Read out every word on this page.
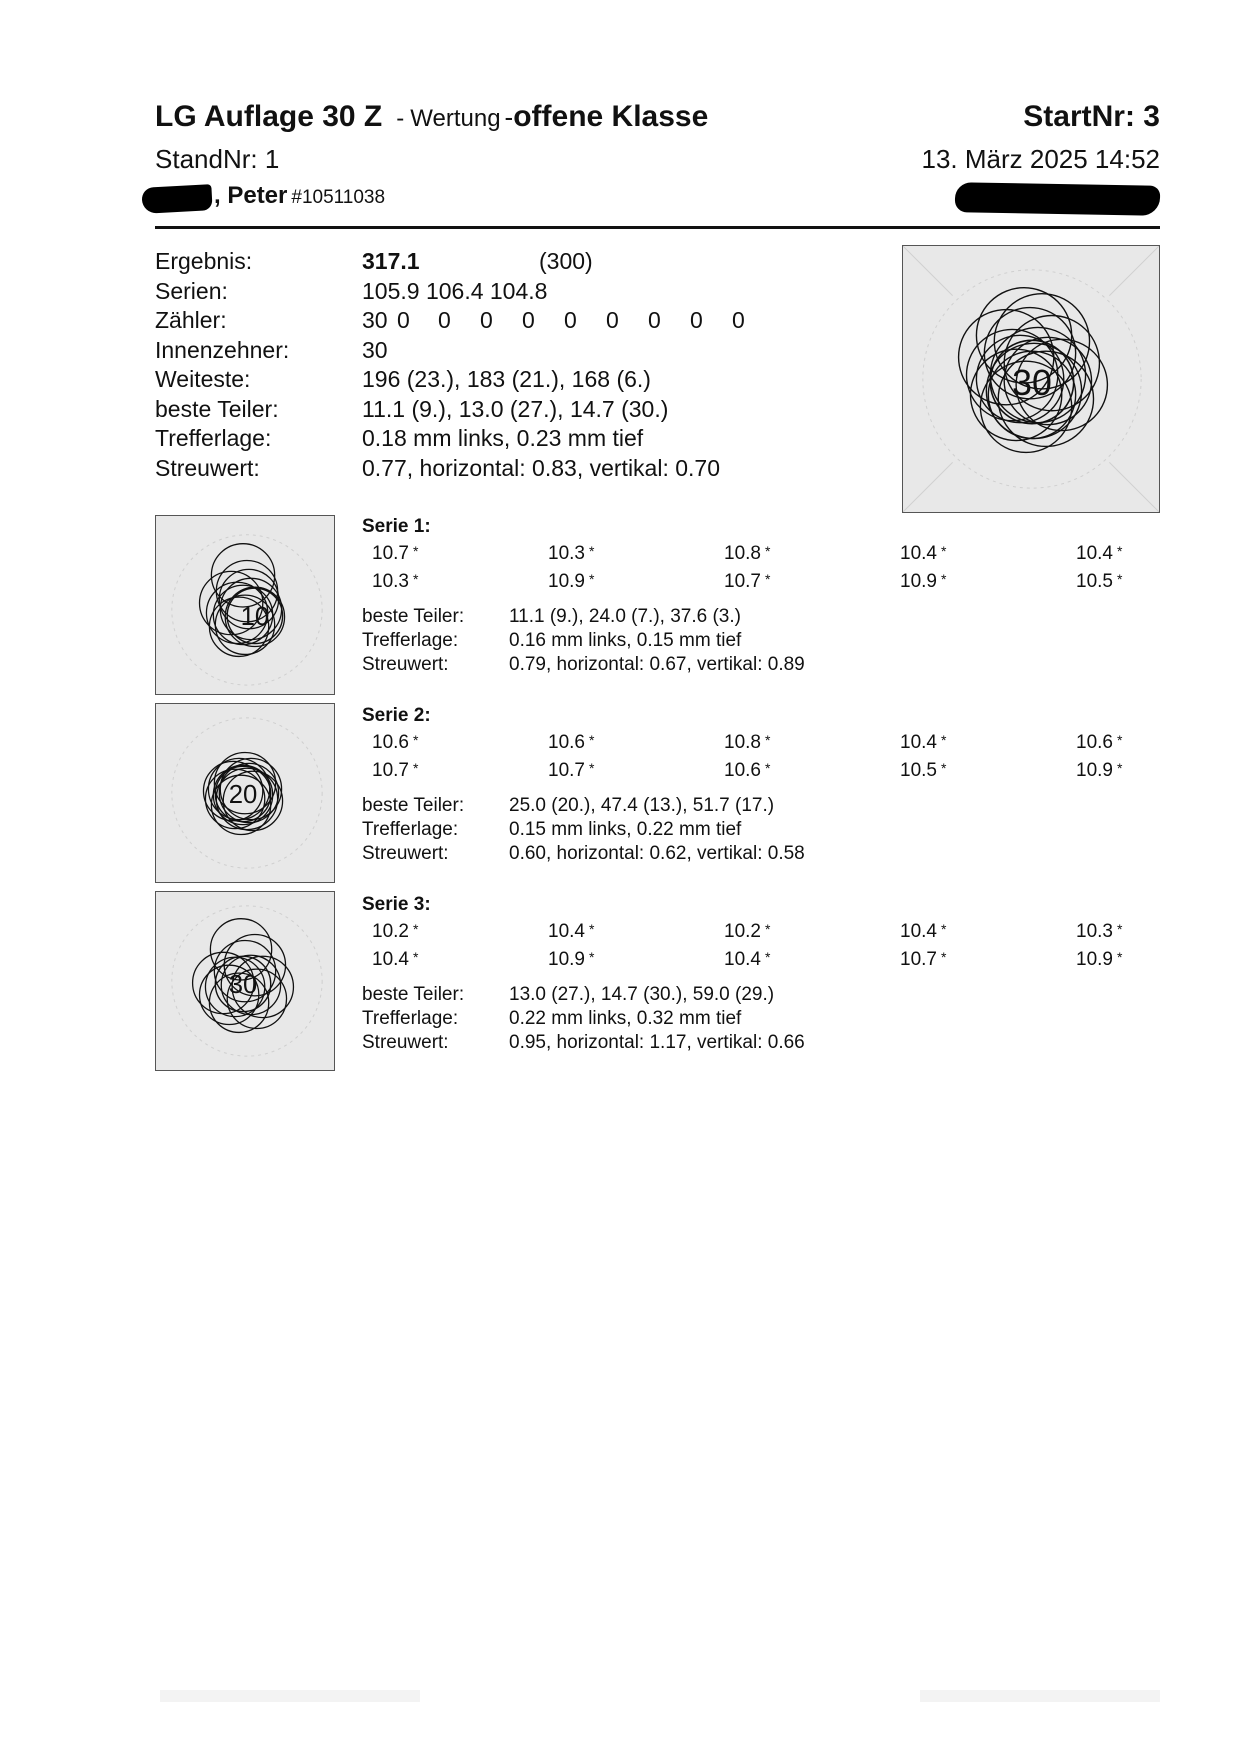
LG Auflage 30 Z - Wertung -offene Klasse	StartNr: 3
StandNr: 1	13. März 2025 14:52
, Peter #10511038
Ergebnis:	317.1	(300)
Serien:	105.9 106.4 104.8
Zähler:	30 0 0 0 0 0 0 0 0 0
Innenzehner:	30
Weiteste:	196 (23.), 183 (21.), 168 (6.)
beste Teiler:	11.1 (9.), 13.0 (27.), 14.7 (30.)
Trefferlage:	0.18 mm links, 0.23 mm tief
Streuwert:	0.77, horizontal: 0.83, vertikal: 0.70
30
10
20
30
Serie 1:
10.7 *	10.3 *	10.8 *	10.4 *	10.4 *
10.3 *	10.9 *	10.7 *	10.9 *	10.5 *
beste Teiler: 11.1 (9.), 24.0 (7.), 37.6 (3.)
Trefferlage:	0.16 mm links, 0.15 mm tief
Streuwert:	0.79, horizontal: 0.67, vertikal: 0.89
Serie 2:
10.6 *	10.6 *	10.8 *	10.4 *	10.6 *
10.7 *	10.7 *	10.6 *	10.5 *	10.9 *
beste Teiler: 25.0 (20.), 47.4 (13.), 51.7 (17.)
Trefferlage:	0.15 mm links, 0.22 mm tief
Streuwert:	0.60, horizontal: 0.62, vertikal: 0.58
Serie 3:
10.2 *	10.4 *	10.2 *	10.4 *	10.3 *
10.4 *	10.9 *	10.4 *	10.7 *	10.9 *
beste Teiler: 13.0 (27.), 14.7 (30.), 59.0 (29.)
Trefferlage:	0.22 mm links, 0.32 mm tief
Streuwert:	0.95, horizontal: 1.17, vertikal: 0.66
